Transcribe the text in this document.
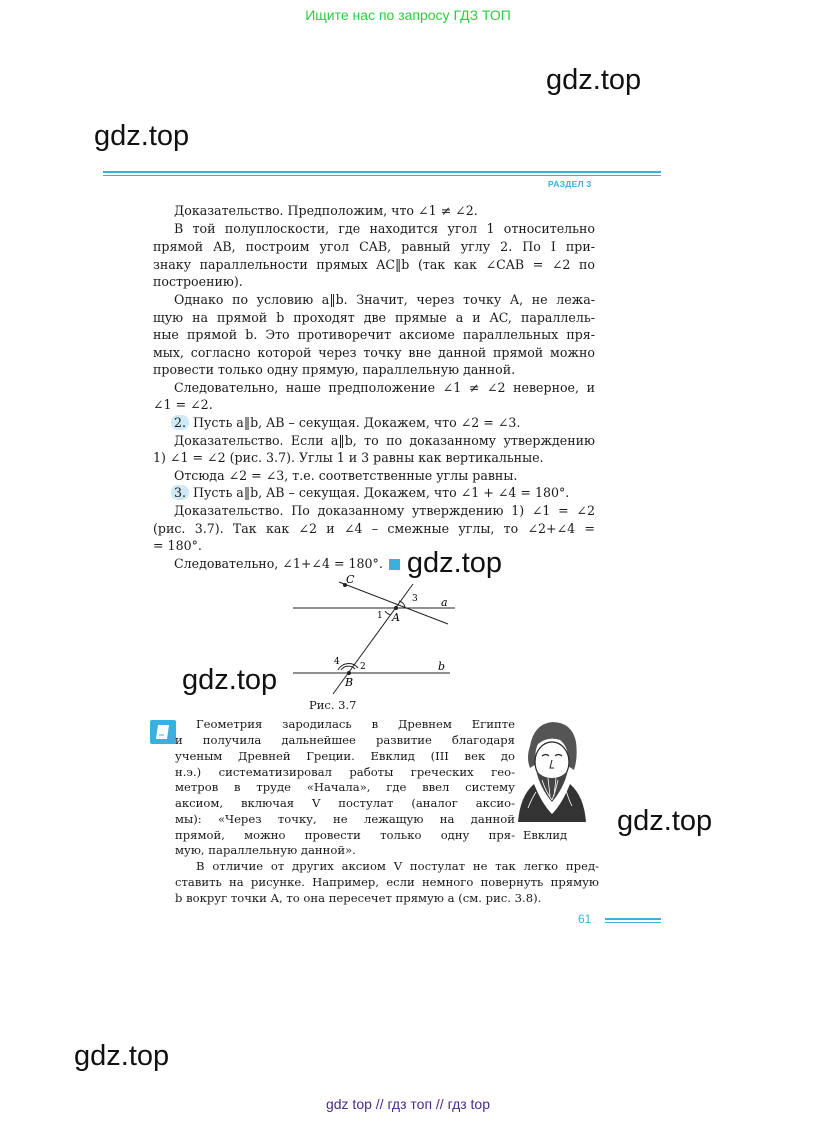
Ищите нас по запросу ГДЗ ТОП
gdz.top
gdz.top
gdz.top
gdz.top
gdz.top
РАЗДЕЛ 3
Доказательство. Предположим, что ∠1 ≠ ∠2.
В той полуплоскости, где находится угол 1 относительно
прямой AB, построим угол CAB, равный углу 2. По I при-
знаку параллельности прямых AC‖b (так как ∠CAB = ∠2 по
построению).
Однако по условию a‖b. Значит, через точку A, не лежа-
щую на прямой b проходят две прямые a и AC, параллель-
ные прямой b. Это противоречит аксиоме параллельных пря-
мых, согласно которой через точку вне данной прямой можно
провести только одну прямую, параллельную данной.
Следовательно, наше предположение ∠1 ≠ ∠2 неверное, и
∠1 = ∠2.
2. Пусть a‖b, AB – секущая. Докажем, что ∠2 = ∠3.
Доказательство. Если a‖b, то по доказанному утверждению
1) ∠1 = ∠2 (рис. 3.7). Углы 1 и 3 равны как вертикальные.
Отсюда ∠2 = ∠3, т.е. соответственные углы равны.
3. Пусть a‖b, AB – секущая. Докажем, что ∠1 + ∠4 = 180°.
Доказательство. По доказанному утверждению 1) ∠1 = ∠2
(рис. 3.7). Так как ∠2 и ∠4 – смежные углы, то ∠2+∠4 =
= 180°.
Следовательно, ∠1+∠4 = 180°. gdz.top
C
A
B
a
b
1
2
3
4
Рис. 3.7
Геометрия зародилась в Древнем Египте
и получила дальнейшее развитие благодаря
ученым Древней Греции. Евклид (III век до
н.э.) систематизировал работы греческих гео-
метров в труде «Начала», где ввел систему
аксиом, включая V постулат (аналог аксио-
мы): «Через точку, не лежащую на данной
прямой, можно провести только одну пря-
мую, параллельную данной».
В отличие от других аксиом V постулат не так легко пред-
ставить на рисунке. Например, если немного повернуть прямую
b вокруг точки A, то она пересечет прямую a (см. рис. 3.8).
Евклид
61
gdz top // гдз топ // гдз top
